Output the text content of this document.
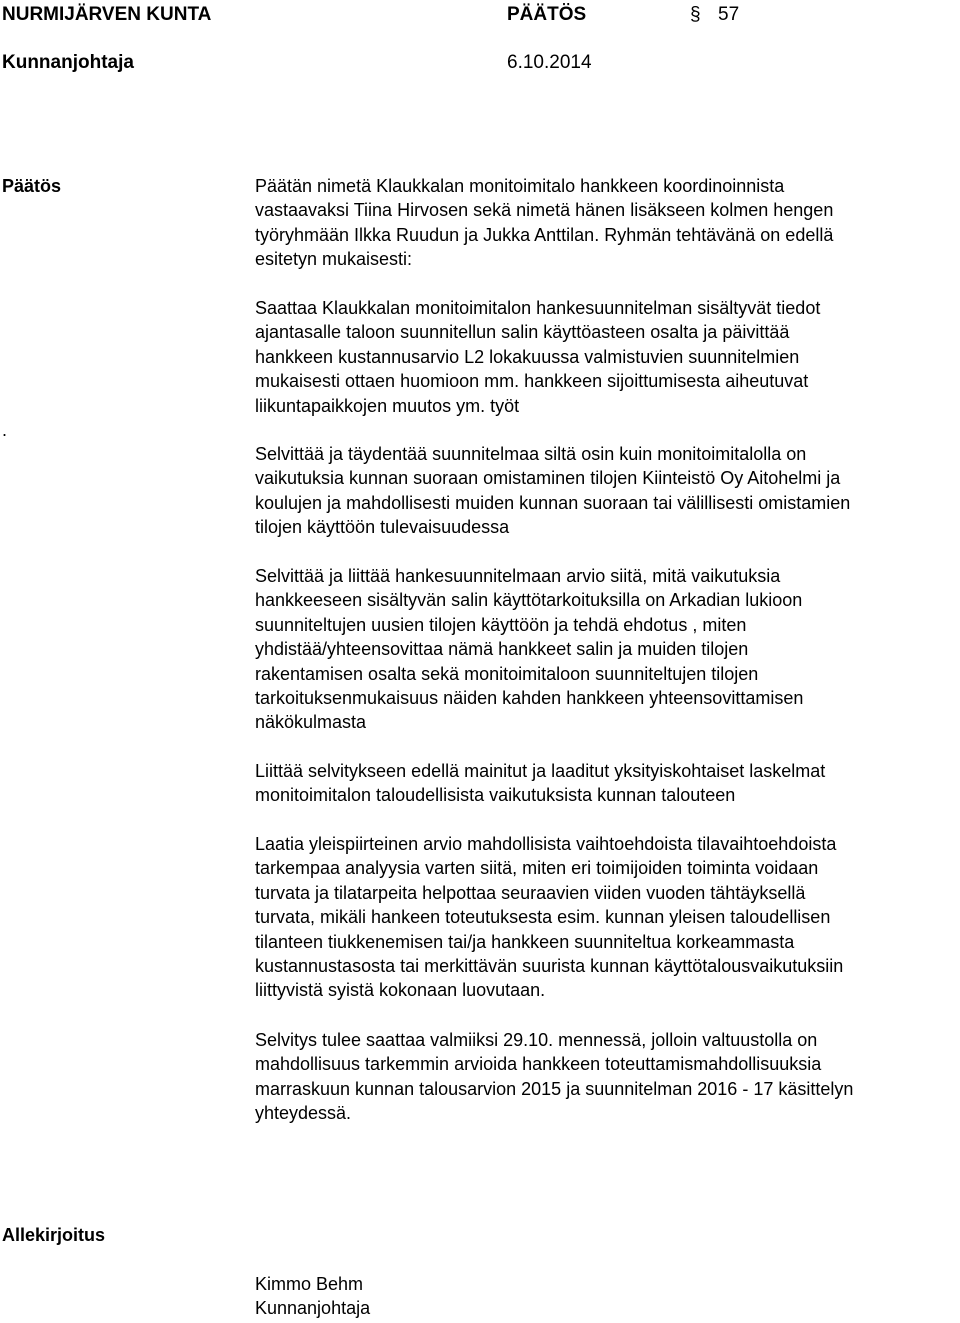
NURMIJÄRVEN KUNTA	PÄÄTÖS	§ 57
Kunnanjohtaja	6.10.2014
Päätös
.

Päätän nimetä Klaukkalan monitoimitalo hankkeen koordinoinnista
vastaavaksi Tiina Hirvosen sekä nimetä hänen lisäkseen kolmen hengen
työryhmään Ilkka Ruudun ja Jukka Anttilan. Ryhmän tehtävänä on edellä
esitetyn mukaisesti:

Saattaa Klaukkalan monitoimitalon hankesuunnitelman sisältyvät tiedot
ajantasalle taloon suunnitellun salin käyttöasteen osalta ja päivittää
hankkeen kustannusarvio L2 lokakuussa valmistuvien suunnitelmien
mukaisesti ottaen huomioon mm. hankkeen sijoittumisesta aiheutuvat
liikuntapaikkojen muutos ym. työt

Selvittää ja täydentää suunnitelmaa siltä osin kuin monitoimitalolla on
vaikutuksia kunnan suoraan omistaminen tilojen Kiinteistö Oy Aitohelmi ja
koulujen ja mahdollisesti muiden kunnan suoraan tai välillisesti omistamien
tilojen käyttöön tulevaisuudessa

Selvittää ja liittää hankesuunnitelmaan arvio siitä, mitä vaikutuksia
hankkeeseen sisältyvän salin käyttötarkoituksilla on Arkadian lukioon
suunniteltujen uusien tilojen käyttöön ja tehdä ehdotus , miten
yhdistää/yhteensovittaa nämä hankkeet salin ja muiden tilojen
rakentamisen osalta sekä monitoimitaloon suunniteltujen tilojen
tarkoituksenmukaisuus näiden kahden hankkeen yhteensovittamisen
näkökulmasta

Liittää selvitykseen edellä mainitut ja laaditut yksityiskohtaiset laskelmat
monitoimitalon taloudellisista vaikutuksista kunnan talouteen

Laatia yleispiirteinen arvio mahdollisista vaihtoehdoista tilavaihtoehdoista
tarkempaa analyysia varten siitä, miten eri toimijoiden toiminta voidaan
turvata ja tilatarpeita helpottaa seuraavien viiden vuoden tähtäyksellä
turvata, mikäli hankeen toteutuksesta esim. kunnan yleisen taloudellisen
tilanteen tiukkenemisen tai/ja hankkeen suunniteltua korkeammasta
kustannustasosta tai merkittävän suurista kunnan käyttötalousvaikutuksiin
liittyvistä syistä kokonaan luovutaan.

Selvitys tulee saattaa valmiiksi 29.10. mennessä, jolloin valtuustolla on
mahdollisuus tarkemmin arvioida hankkeen toteuttamismahdollisuuksia
marraskuun kunnan talousarvion 2015 ja suunnitelman 2016 - 17 käsittelyn
yhteydessä.

Allekirjoitus
Kimmo Behm
Kunnanjohtaja
